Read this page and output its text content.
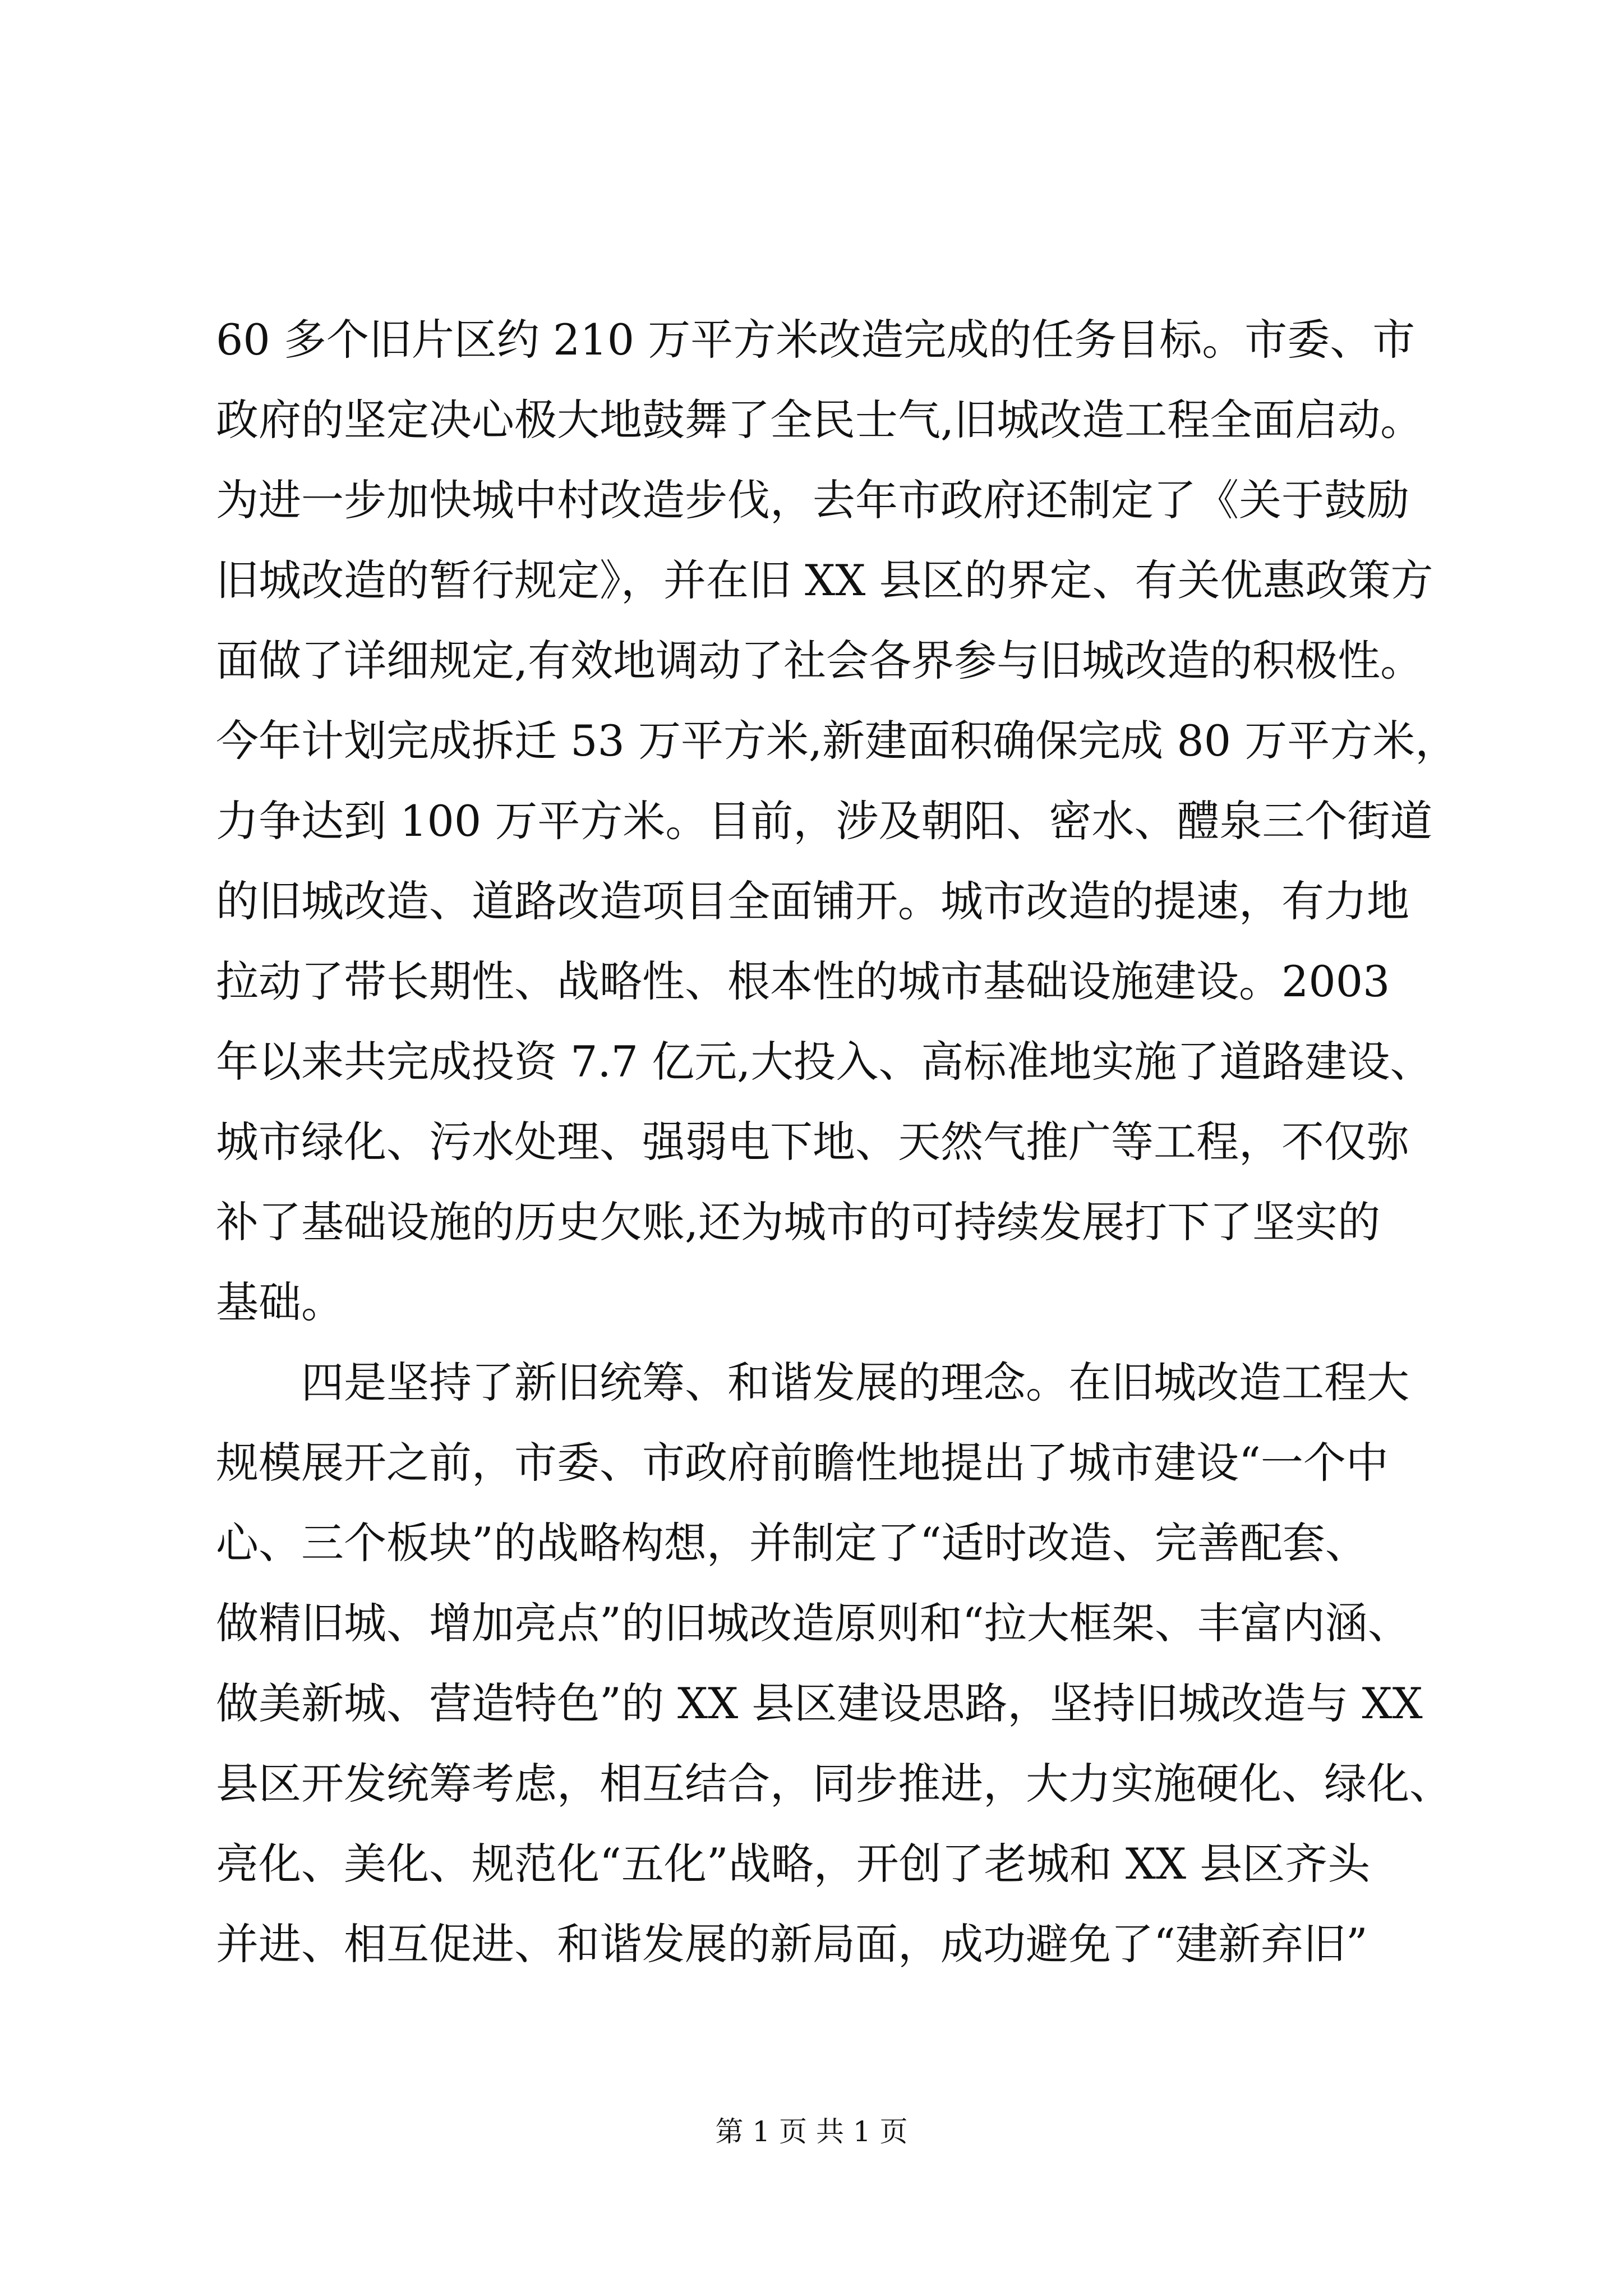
60 多个旧片区约 210 万平方米改造完成的任务目标。市委、市
政府的坚定决心极大地鼓舞了全民士气,旧城改造工程全面启动。
为进一步加快城中村改造步伐，去年市政府还制定了《关于鼓励
旧城改造的暂行规定》，并在旧 XX 县区的界定、有关优惠政策方
面做了详细规定,有效地调动了社会各界参与旧城改造的积极性。
今年计划完成拆迁 53 万平方米,新建面积确保完成 80 万平方米，
力争达到 100 万平方米。目前，涉及朝阳、密水、醴泉三个街道
的旧城改造、道路改造项目全面铺开。城市改造的提速，有力地
拉动了带长期性、战略性、根本性的城市基础设施建设。2003
年以来共完成投资 7.7 亿元,大投入、高标准地实施了道路建设、
城市绿化、污水处理、强弱电下地、天然气推广等工程，不仅弥
补了基础设施的历史欠账,还为城市的可持续发展打下了坚实的
基础。
四是坚持了新旧统筹、和谐发展的理念。在旧城改造工程大
规模展开之前，市委、市政府前瞻性地提出了城市建设“一个中
心、三个板块”的战略构想，并制定了“适时改造、完善配套、
做精旧城、增加亮点”的旧城改造原则和“拉大框架、丰富内涵、
做美新城、营造特色”的 XX 县区建设思路，坚持旧城改造与 XX
县区开发统筹考虑，相互结合，同步推进，大力实施硬化、绿化、
亮化、美化、规范化“五化”战略，开创了老城和 XX 县区齐头
并进、相互促进、和谐发展的新局面，成功避免了“建新弃旧”
第 1 页 共 1 页
